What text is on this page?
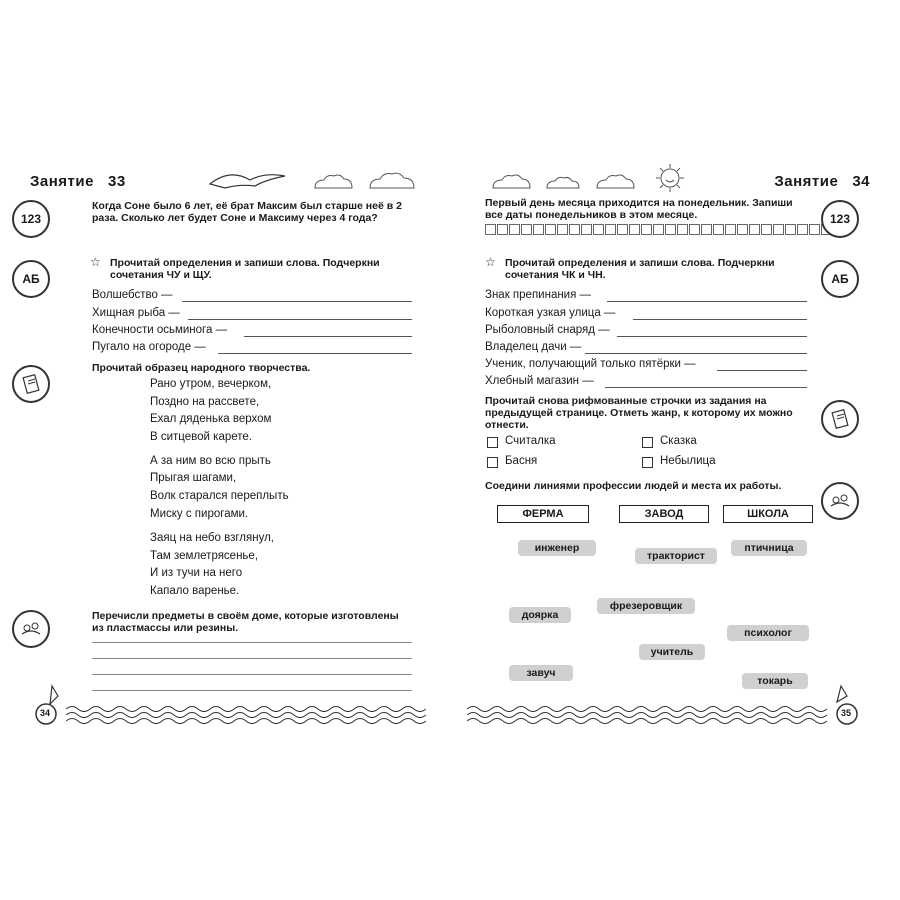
Занятие 33
123
Когда Соне было 6 лет, её брат Максим был старше неё в 2 раза. Сколько лет будет Соне и Максиму через 4 года?
АБ
☆ Прочитай определения и запиши слова. Подчеркни сочетания ЧУ и ЩУ.
Волшебство —
Хищная рыба —
Конечности осьминога —
Пугало на огороде —
Прочитай образец народного творчества.
Рано утром, вечерком,
Поздно на рассвете,
Ехал дяденька верхом
В ситцевой карете.
А за ним во всю прыть
Прыгая шагами,
Волк старался переплыть
Миску с пирогами.
Заяц на небо взглянул,
Там землетрясенье,
И из тучи на него
Капало варенье.
Перечисли предметы в своём доме, которые изготовлены из пластмассы или резины.
34
Занятие 34
Первый день месяца приходится на понедельник. Запиши все даты понедельников в этом месяце.	123
☆ Прочитай определения и запиши слова. Подчеркни сочетания ЧК и ЧН.	АБ
Знак препинания —
Короткая узкая улица —
Рыболовный снаряд —
Владелец дачи —
Ученик, получающий только пятёрки —
Хлебный магазин —
Прочитай снова рифмованные строчки из задания на предыдущей странице. Отметь жанр, к которому их можно отнести.
Считалка	Сказка
Басня	Небылица
Соедини линиями профессии людей и места их работы.
ФЕРМА	ЗАВОД	ШКОЛА
инженер
тракторист
птичница
фрезеровщик
доярка
психолог
учитель
завуч
токарь
35
